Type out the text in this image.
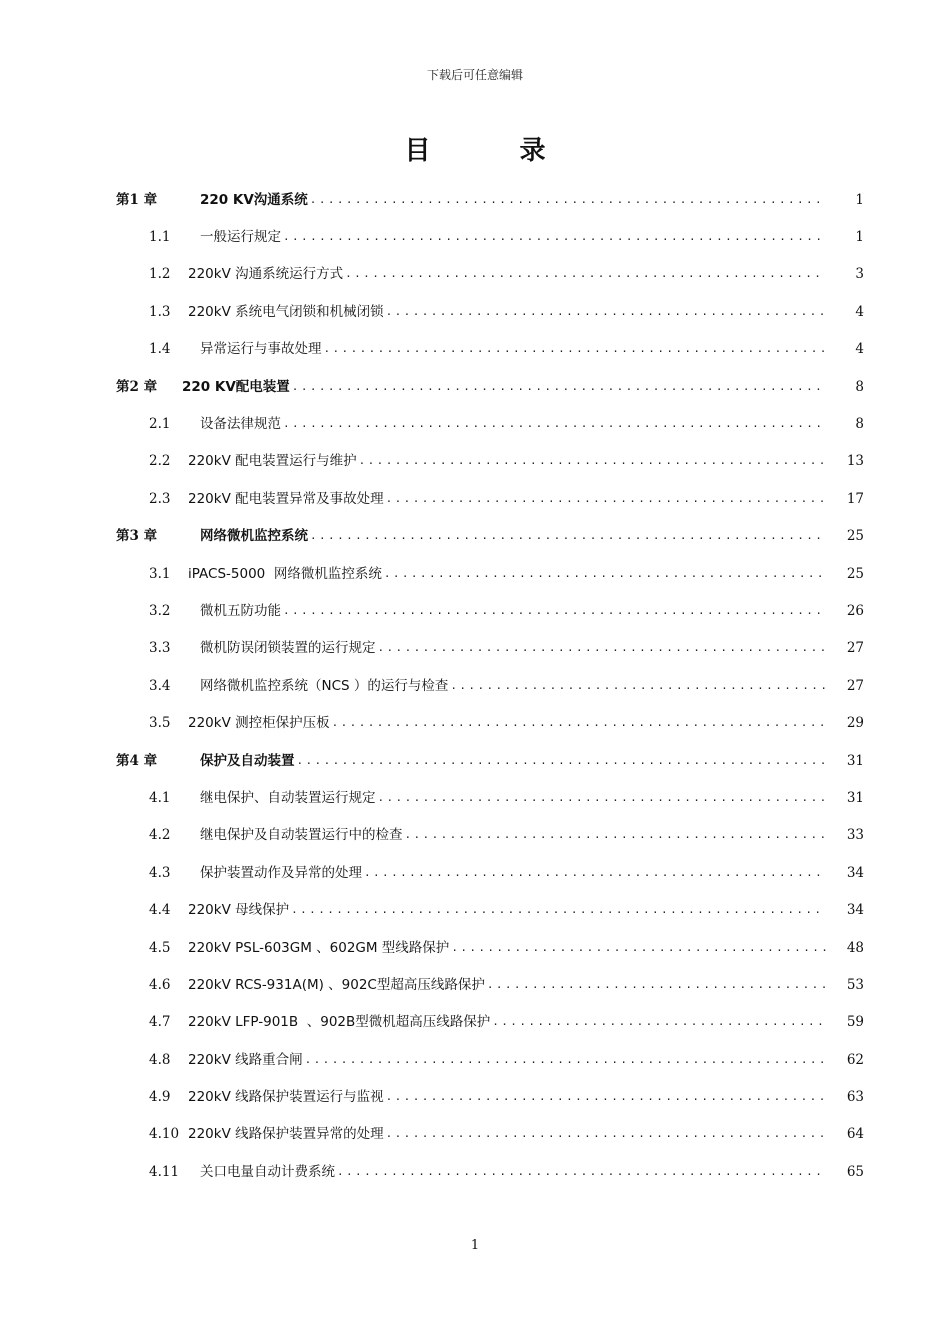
下载后可任意编辑
目 录
第1 章	220 KV沟通系统 .....	1
1.1	一般运行规定 .....	1
1.2	220kV 沟通系统运行方式 .....	3
1.3	220kV 系统电气闭锁和机械闭锁 .....	4
1.4	异常运行与事故处理 .....	4
第2 章	220 KV配电装置 .....	8
2.1	设备法律规范 .....	8
2.2	220kV 配电装置运行与维护 .....	13
2.3	220kV 配电装置异常及事故处理 .....	17
第3 章	网络微机监控系统 .....	25
3.1	iPACS-5000  网络微机监控系统 .....	25
3.2	微机五防功能 .....	26
3.3	微机防误闭锁装置的运行规定 .....	27
3.4	网络微机监控系统（NCS ）的运行与检查 .....	27
3.5	220kV 测控柜保护压板 .....	29
第4 章	保护及自动装置 .....	31
4.1	继电保护、自动装置运行规定 .....	31
4.2	继电保护及自动装置运行中的检查 .....	33
4.3	保护装置动作及异常的处理 .....	34
4.4	220kV 母线保护 .....	34
4.5	220kV PSL-603GM 、602GM 型线路保护 .....	48
4.6	220kV RCS-931A(M) 、902C型超高压线路保护 .....	53
4.7	220kV LFP-901B  、902B型微机超高压线路保护 .....	59
4.8	220kV 线路重合闸 .....	62
4.9	220kV 线路保护装置运行与监视 .....	63
4.10 220kV 线路保护装置异常的处理 .....	64
4.11	关口电量自动计费系统 .....	65
1
